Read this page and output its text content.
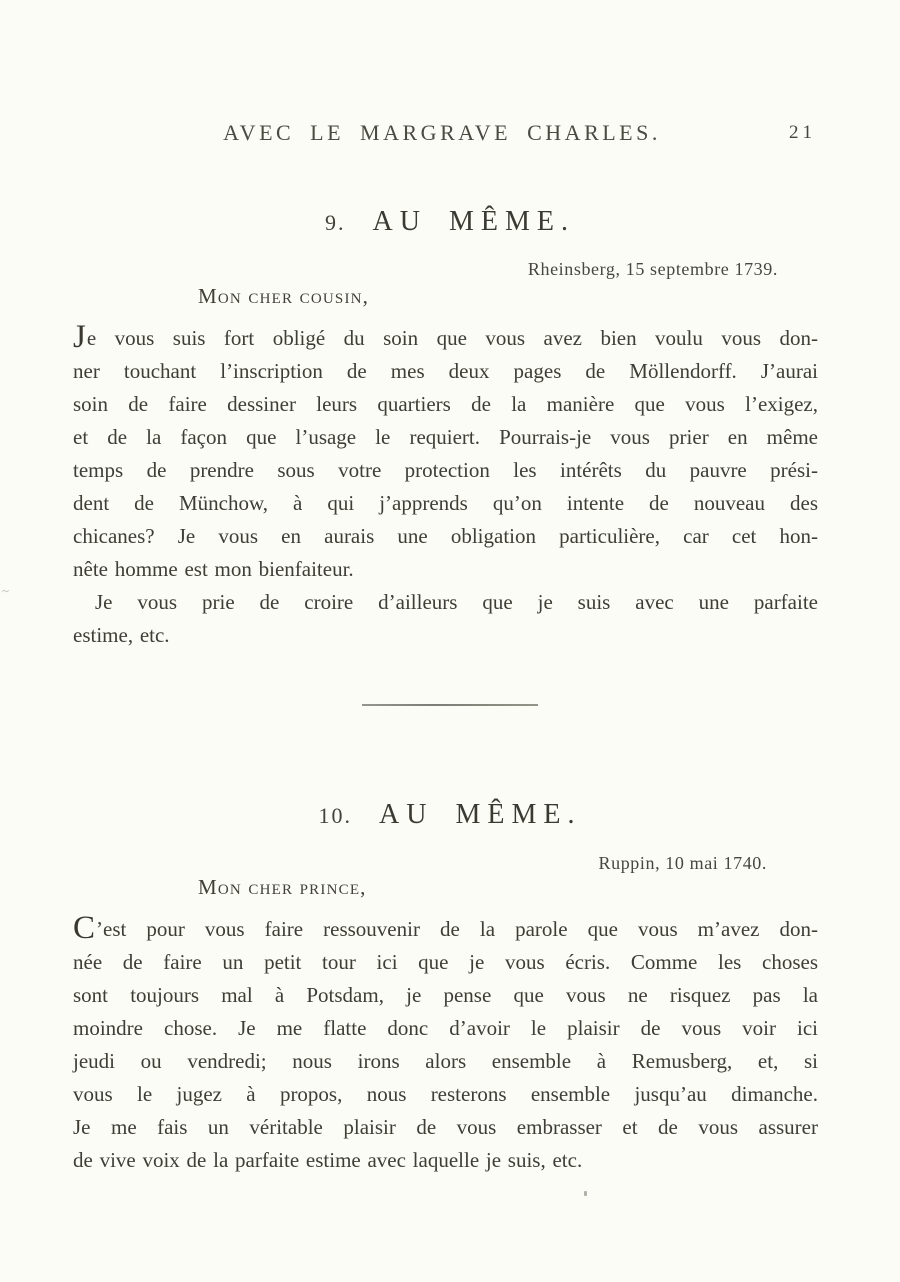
AVEC LE MARGRAVE CHARLES.	21
9. AU MÊME.
Rheinsberg, 15 septembre 1739.
Mon cher cousin,
Je vous suis fort obligé du soin que vous avez bien voulu vous don-
ner touchant l’inscription de mes deux pages de Möllendorff. J’aurai
soin de faire dessiner leurs quartiers de la manière que vous l’exigez,
et de la façon que l’usage le requiert. Pourrais-je vous prier en même
temps de prendre sous votre protection les intérêts du pauvre prési-
dent de Münchow, à qui j’apprends qu’on intente de nouveau des
chicanes? Je vous en aurais une obligation particulière, car cet hon-
nête homme est mon bienfaiteur.
Je vous prie de croire d’ailleurs que je suis avec une parfaite
estime, etc.
10. AU MÊME.
Ruppin, 10 mai 1740.
Mon cher prince,
C’est pour vous faire ressouvenir de la parole que vous m’avez don-
née de faire un petit tour ici que je vous écris. Comme les choses
sont toujours mal à Potsdam, je pense que vous ne risquez pas la
moindre chose. Je me flatte donc d’avoir le plaisir de vous voir ici
jeudi ou vendredi; nous irons alors ensemble à Remusberg, et, si
vous le jugez à propos, nous resterons ensemble jusqu’au dimanche.
Je me fais un véritable plaisir de vous embrasser et de vous assurer
de vive voix de la parfaite estime avec laquelle je suis, etc.
~
